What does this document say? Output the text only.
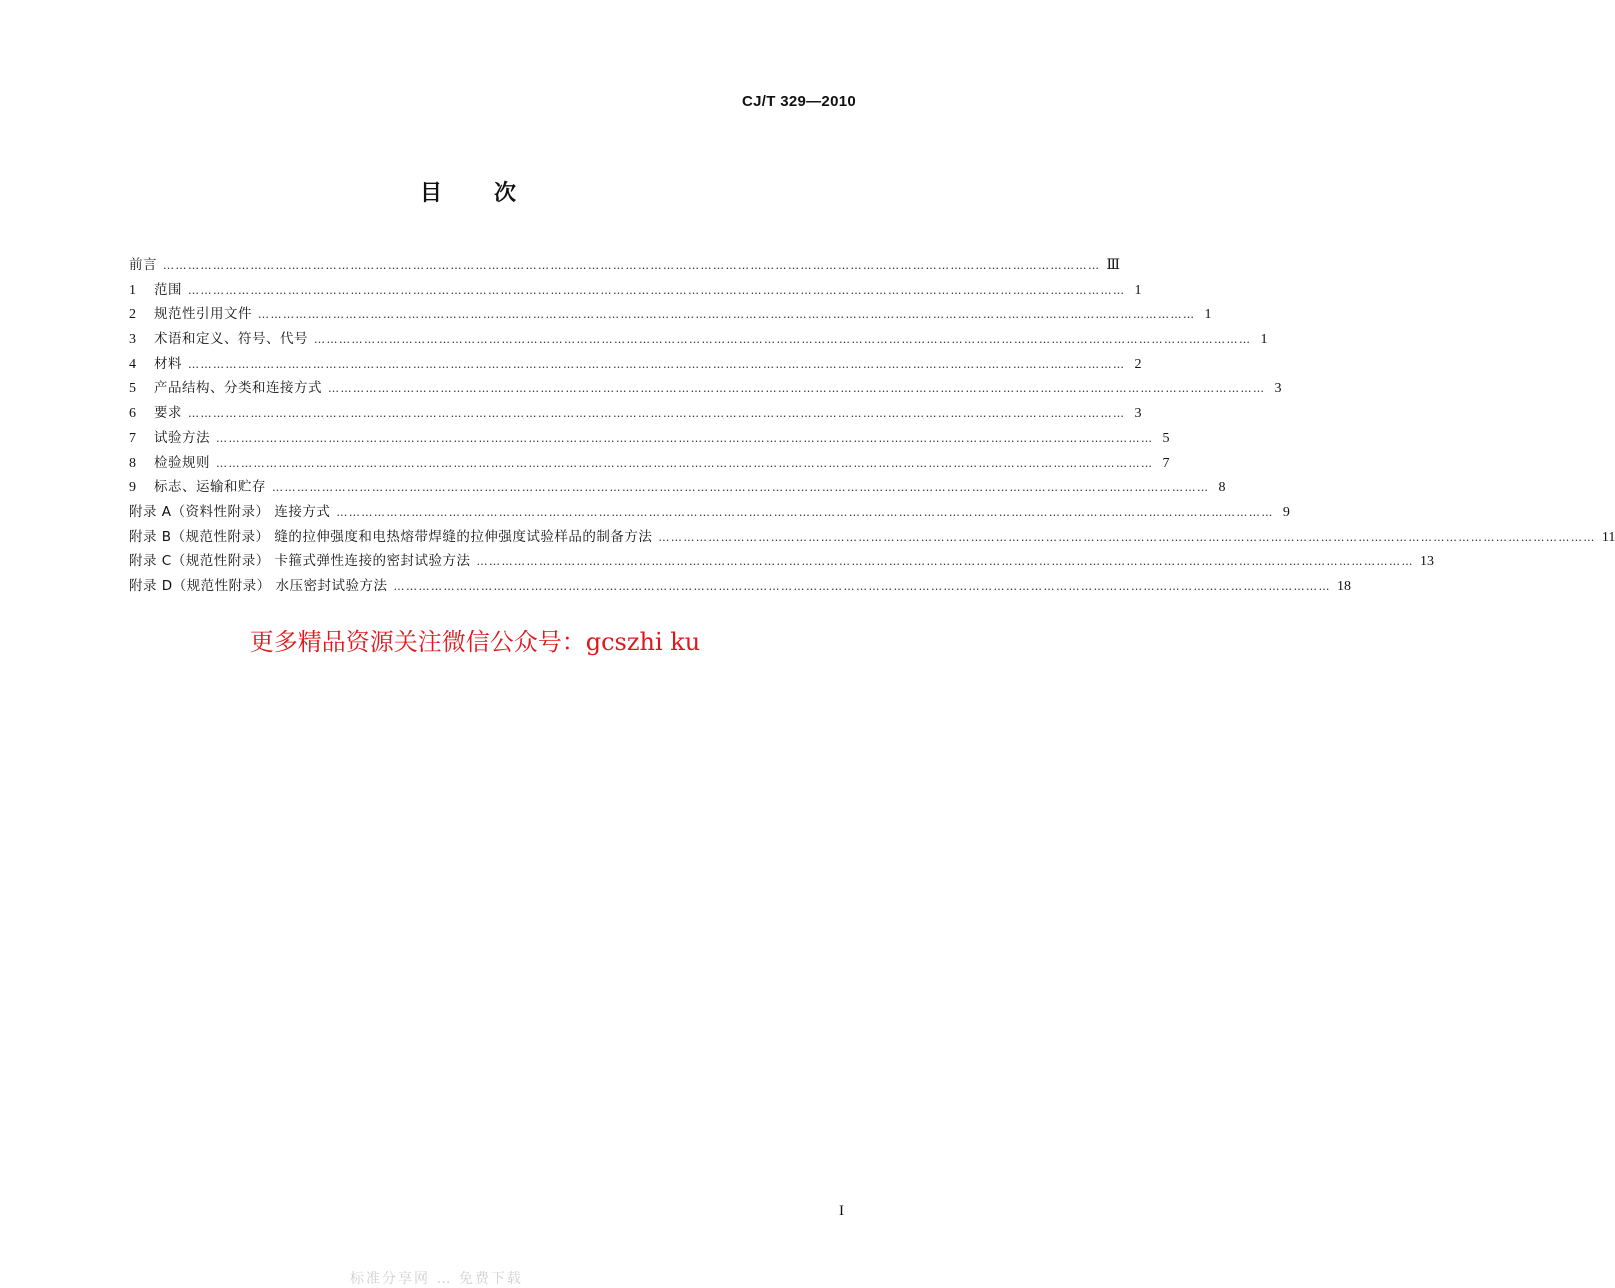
CJ/T 329—2010
目次
前言 ………………………………………………………………………………………………………………………………………………………………………………………………………	Ⅲ
1	范围 ………………………………………………………………………………………………………………………………………………………………………………………………………	1
2	规范性引用文件 ………………………………………………………………………………………………………………………………………………………………………………………………………	1
3	术语和定义、符号、代号 ………………………………………………………………………………………………………………………………………………………………………………………………………	1
4	材料 ………………………………………………………………………………………………………………………………………………………………………………………………………	2
5	产品结构、分类和连接方式 ………………………………………………………………………………………………………………………………………………………………………………………………………	3
6	要求 ………………………………………………………………………………………………………………………………………………………………………………………………………	3
7	试验方法 ………………………………………………………………………………………………………………………………………………………………………………………………………	5
8	检验规则 ………………………………………………………………………………………………………………………………………………………………………………………………………	7
9	标志、运输和贮存 ………………………………………………………………………………………………………………………………………………………………………………………………………	8
附录 A（资料性附录） 连接方式 ………………………………………………………………………………………………………………………………………………………………………………………………………	9
附录 B（规范性附录） 缝的拉伸强度和电热熔带焊缝的拉伸强度试验样品的制备方法 ………………………………………………………………………………………………………………………………………………………………………………………………………	11
附录 C（规范性附录） 卡箍式弹性连接的密封试验方法 ………………………………………………………………………………………………………………………………………………………………………………………………………	13
附录 D（规范性附录） 水压密封试验方法 ………………………………………………………………………………………………………………………………………………………………………………………………………	18
更多精品资源关注微信公众号：gcszhi ku
I
标准分享网 … 免费下载
